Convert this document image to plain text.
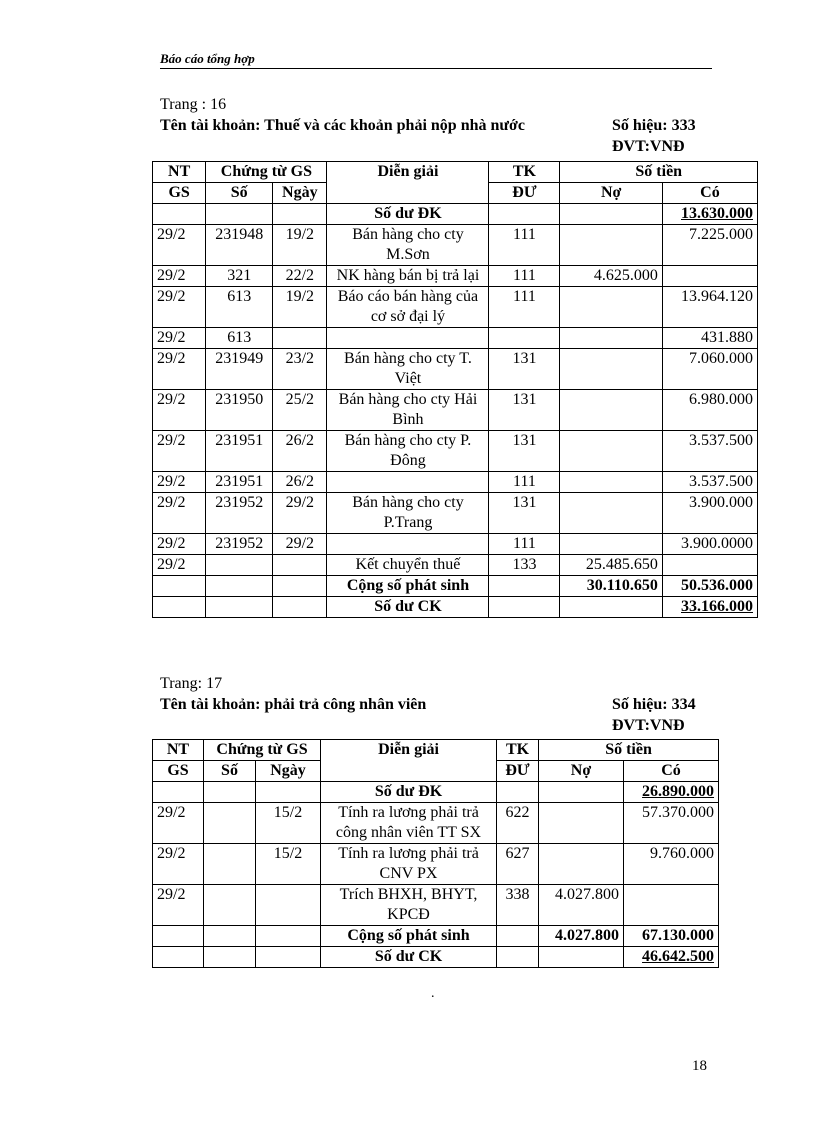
Báo cáo tổng hợp
Trang : 16
Tên tài khoản: Thuế và các khoản phải nộp nhà nước	Số hiệu: 333
ĐVT:VNĐ
NT	Chứng từ GS		Diễn giải	TK	Số tiền	
GS	Số	Ngày		ĐƯ	Nợ	Có
			Số dư ĐK			13.630.000
29/2	231948	19/2	Bán hàng cho cty M.Sơn	111		7.225.000
29/2	321	22/2	NK hàng bán bị trả lại	111	4.625.000	
29/2	613	19/2	Báo cáo bán hàng của cơ sở đại lý	111		13.964.120
29/2	613					431.880
29/2	231949	23/2	Bán hàng cho cty T. Việt	131		7.060.000
29/2	231950	25/2	Bán hàng cho cty Hải Bình	131		6.980.000
29/2	231951	26/2	Bán hàng cho cty P. Đông	131		3.537.500
29/2	231951	26/2		111		3.537.500
29/2	231952	29/2	Bán hàng cho cty P.Trang	131		3.900.000
29/2	231952	29/2		111		3.900.0000
29/2			Kết chuyển thuế	133	25.485.650	
			Cộng số phát sinh		30.110.650	50.536.000
			Số dư CK			33.166.000
Trang: 17
Tên tài khoản: phải trả công nhân viên	Số hiệu: 334
ĐVT:VNĐ
NT	Chứng từ GS		Diễn giải	TK	Số tiền	
GS	Số	Ngày		ĐƯ	Nợ	Có
			Số dư ĐK			26.890.000
29/2		15/2	Tính ra lương phải trả công nhân viên TT SX	622		57.370.000
29/2		15/2	Tính ra lương phải trả CNV PX	627		9.760.000
29/2			Trích BHXH, BHYT, KPCĐ	338	4.027.800	
			Cộng số phát sinh		4.027.800	67.130.000
			Số dư CK			46.642.500
.
18
